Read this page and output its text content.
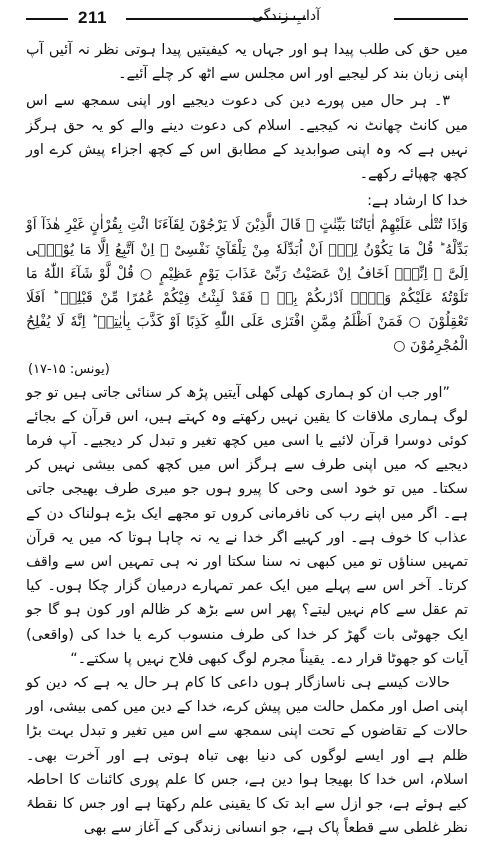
211	آدابِ زندگی

میں حق کی طلب پیدا ہو اور جہاں یہ کیفیتیں پیدا ہوتی نظر نہ آئیں آپ اپنی زبان بند کر لیجیے اور اس مجلس سے اٹھ کر چلے آئیے۔

۳۔ ہر حال میں پورے دین کی دعوت دیجیے اور اپنی سمجھ سے اس میں کانٹ چھانٹ نہ کیجیے۔ اسلام کی دعوت دینے والے کو یہ حق ہرگز نہیں ہے کہ وہ اپنی صوابدید کے مطابق اس کے کچھ اجزاء پیش کرے اور کچھ چھپائے رکھے۔

خدا کا ارشاد ہے:

وَاِذَا تُتْلٰی عَلَیْهِمْ اٰیَاتُنَا بَیِّنٰتٍ ۙ قَالَ الَّذِیْنَ لَا یَرْجُوْنَ لِقَآءَنَا ائْتِ بِقُرْاٰنٍ غَیْرِ هٰذَآ اَوْ بَدِّلْهُ ؕ قُلْ مَا یَكُوْنُ لِیْۤ اَنْ اُبَدِّلَهٗ مِنْ تِلْقَآئِ نَفْسِیْ ۚ اِنْ اَتَّبِعُ اِلَّا مَا یُوْحٰۤی اِلَیَّ ۚ اِنِّیْۤ اَخَافُ اِنْ عَصَیْتُ رَبِّیْ عَذَابَ یَوْمٍ عَظِیْمٍ ○ قُلْ لَّوْ شَآءَ اللّٰهُ مَا تَلَوْتُهٗ عَلَیْكُمْ وَلَاۤ اَدْرٰىكُمْ بِهٖ ۖ فَقَدْ لَبِثْتُ فِیْكُمْ عُمُرًا مِّنْ قَبْلِهٖ ؕ اَفَلَا تَعْقِلُوْنَ ○ فَمَنْ اَظْلَمُ مِمَّنِ افْتَرٰی عَلَی اللّٰهِ كَذِبًا اَوْ كَذَّبَ بِاٰیٰتِهٖ ؕ اِنَّهٗ لَا یُفْلِحُ الْمُجْرِمُوْنَ ○

(یونس: ۱۵-۱۷)

”اور جب ان کو ہماری کھلی کھلی آیتیں پڑھ کر سنائی جاتی ہیں تو جو لوگ ہماری ملاقات کا یقین نہیں رکھتے وہ کہتے ہیں، اس قرآن کے بجائے کوئی دوسرا قرآن لائیے یا اسی میں کچھ تغیر و تبدل کر دیجیے۔ آپ فرما دیجیے کہ میں اپنی طرف سے ہرگز اس میں کچھ کمی بیشی نہیں کر سکتا۔ میں تو خود اسی وحی کا پیرو ہوں جو میری طرف بھیجی جاتی ہے۔ اگر میں اپنے رب کی نافرمانی کروں تو مجھے ایک بڑے ہولناک دن کے عذاب کا خوف ہے۔ اور کہیے اگر خدا نے یہ نہ چاہا ہوتا کہ میں یہ قرآن تمہیں سناؤں تو میں کبھی نہ سنا سکتا اور نہ ہی تمہیں اس سے واقف کرتا۔ آخر اس سے پہلے میں ایک عمر تمہارے درمیان گزار چکا ہوں۔ کیا تم عقل سے کام نہیں لیتے؟ پھر اس سے بڑھ کر ظالم اور کون ہو گا جو ایک جھوٹی بات گھڑ کر خدا کی طرف منسوب کرے یا خدا کی (واقعی) آیات کو جھوٹا قرار دے۔ یقیناً مجرم لوگ کبھی فلاح نہیں پا سکتے۔“

حالات کیسے ہی ناسازگار ہوں داعی کا کام ہر حال یہ ہے کہ دین کو اپنی اصل اور مکمل حالت میں پیش کرے، خدا کے دین میں کمی بیشی، اور حالات کے تقاضوں کے تحت اپنی سمجھ سے اس میں تغیر و تبدل بہت بڑا ظلم ہے اور ایسے لوگوں کی دنیا بھی تباہ ہوتی ہے اور آخرت بھی۔ اسلام، اس خدا کا بھیجا ہوا دین ہے، جس کا علم پوری کائنات کا احاطہ کیے ہوئے ہے، جو ازل سے ابد تک کا یقینی علم رکھتا ہے اور جس کا نقطۂ نظر غلطی سے قطعاً پاک ہے، جو انسانی زندگی کے آغاز سے بھی
